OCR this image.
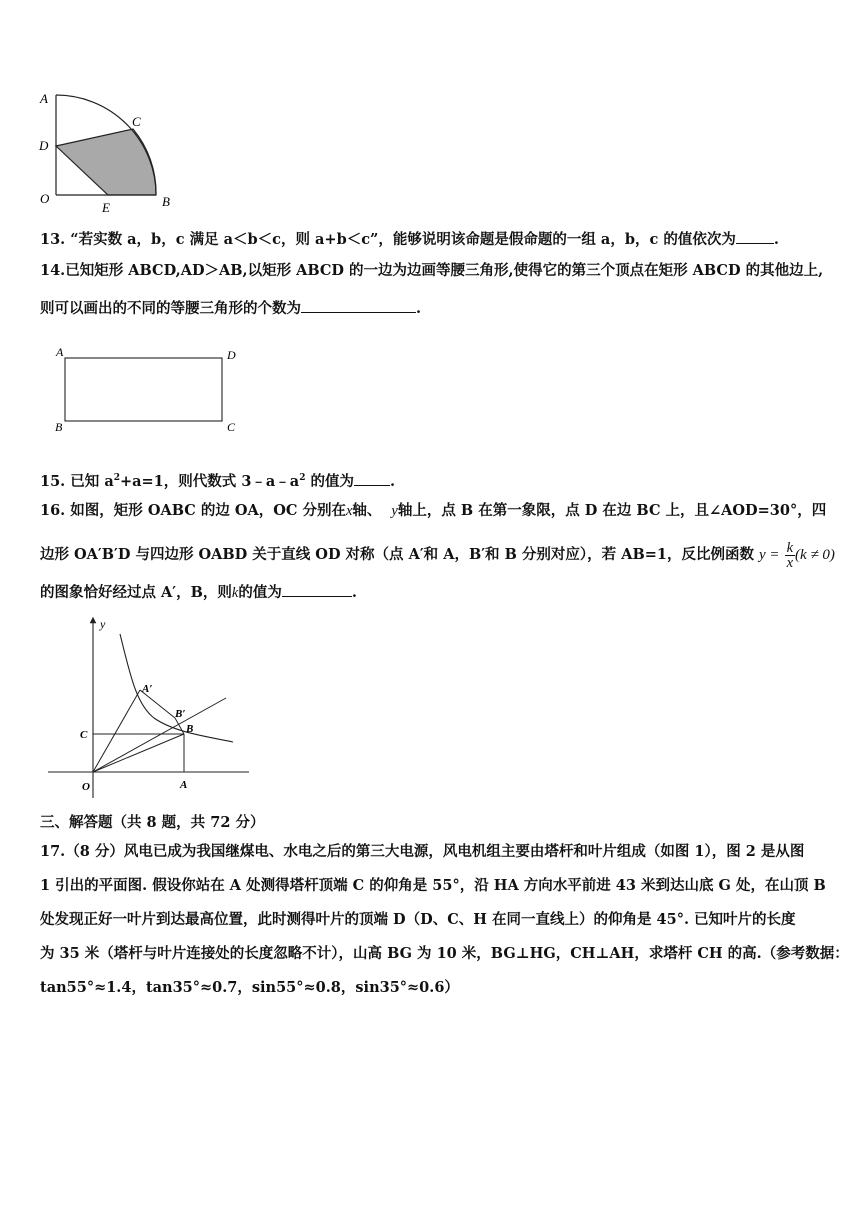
A
C
D
O
E	B
13. “若实数 a，b，c 满足 a＜b＜c，则 a+b＜c”，能够说明该命题是假命题的一组 a，b，c 的值依次为	.
14.已知矩形 ABCD,AD＞AB,以矩形 ABCD 的一边为边画等腰三角形,使得它的第三个顶点在矩形 ABCD 的其他边上,
则可以画出的不同的等腰三角形的个数为	.
A	D
B	C
15. 已知 $a^2+a=1$，则代数式 $3﹣a﹣a^2$ 的值为 .
16. 如图，矩形 OABC 的边 OA，OC 分别在x轴、 y轴上，点 B 在第一象限，点 D 在边 BC 上，且∠AOD=30°，四
边形 OA′B′D 与四边形 OABD 关于直线 OD 对称（点 A′和 A，B′和 B 分别对应），若 AB=1，反比例函数 $y = \frac{k}{x} (k \ne 0)$
的图象恰好经过点 A′，B，则k的值为	.
y
A′
B′
B
C
O	A
三、解答题（共 8 题，共 72 分）
17.（8 分）风电已成为我国继煤电、水电之后的第三大电源，风电机组主要由塔杆和叶片组成（如图 1），图 2 是从图
1 引出的平面图. 假设你站在 A 处测得塔杆顶端 C 的仰角是 55°，沿 HA 方向水平前进 43 米到达山底 G 处，在山顶 B
处发现正好一叶片到达最高位置，此时测得叶片的顶端 D（D、C、H 在同一直线上）的仰角是 45°. 已知叶片的长度
为 35 米（塔杆与叶片连接处的长度忽略不计），山高 BG 为 10 米，BG⊥HG，CH⊥AH，求塔杆 CH 的高.（参考数据：
tan55°≈1.4，tan35°≈0.7，sin55°≈0.8，sin35°≈0.6）
